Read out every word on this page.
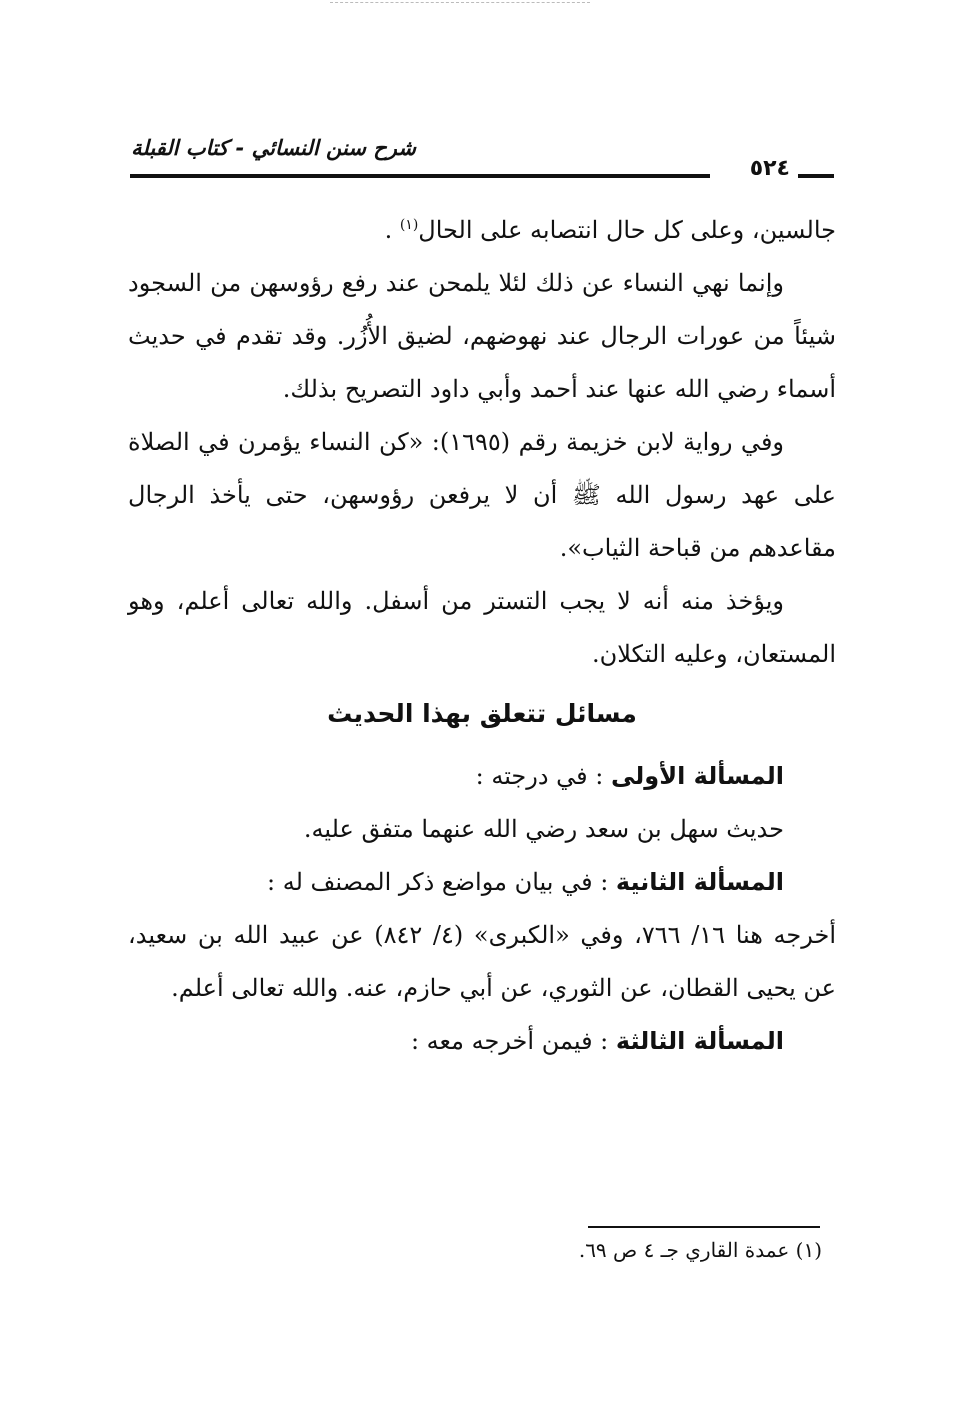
شرح سنن النسائي - كتاب القبلة
٥٢٤

جالسين، وعلى كل حال انتصابه على الحال$^{(١)}$ .

وإنما نهي النساء عن ذلك لئلا يلمحن عند رفع رؤوسهن من السجود شيئاً من عورات الرجال عند نهوضهم، لضيق الأُزُر. وقد تقدم في حديث أسماء رضي الله عنها عند أحمد وأبي داود التصريح بذلك.

وفي رواية لابن خزيمة رقم (١٦٩٥): «كن النساء يؤمرن في الصلاة على عهد رسول الله ﷺ أن لا يرفعن رؤوسهن، حتى يأخذ الرجال مقاعدهم من قباحة الثياب».

ويؤخذ منه أنه لا يجب التستر من أسفل. والله تعالى أعلم، وهو المستعان، وعليه التكلان.

مسائل تتعلق بهذا الحديث

المسألة الأولى : في درجته :

حديث سهل بن سعد رضي الله عنهما متفق عليه.

المسألة الثانية : في بيان مواضع ذكر المصنف له :

أخرجه هنا ١٦/ ٧٦٦، وفي «الكبرى» (٤/ ٨٤٢) عن عبيد الله بن سعيد، عن يحيى القطان، عن الثوري، عن أبي حازم، عنه. والله تعالى أعلم.

المسألة الثالثة : فيمن أخرجه معه :

(١) عمدة القاري جـ ٤ ص ٦٩.
